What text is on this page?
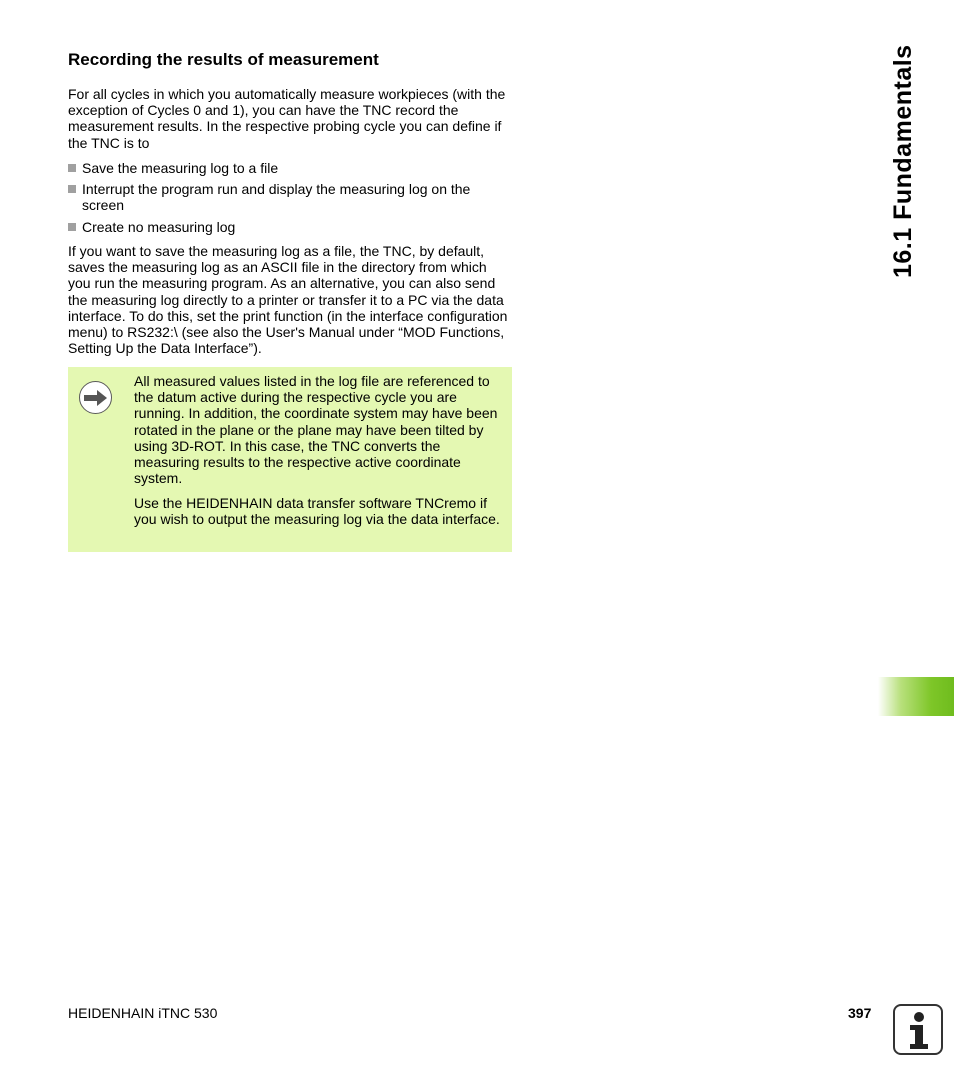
Recording the results of measurement

For all cycles in which you automatically measure workpieces (with the exception of Cycles 0 and 1), you can have the TNC record the measurement results. In the respective probing cycle you can define if the TNC is to

Save the measuring log to a file
Interrupt the program run and display the measuring log on the screen
Create no measuring log

If you want to save the measuring log as a file, the TNC, by default, saves the measuring log as an ASCII file in the directory from which you run the measuring program. As an alternative, you can also send the measuring log directly to a printer or transfer it to a PC via the data interface. To do this, set the print function (in the interface configuration menu) to RS232:\ (see also the User's Manual under “MOD Functions, Setting Up the Data Interface”).

All measured values listed in the log file are referenced to the datum active during the respective cycle you are running. In addition, the coordinate system may have been rotated in the plane or the plane may have been tilted by using 3D-ROT. In this case, the TNC converts the measuring results to the respective active coordinate system.

Use the HEIDENHAIN data transfer software TNCremo if you wish to output the measuring log via the data interface.

16.1 Fundamentals
HEIDENHAIN iTNC 530	397
